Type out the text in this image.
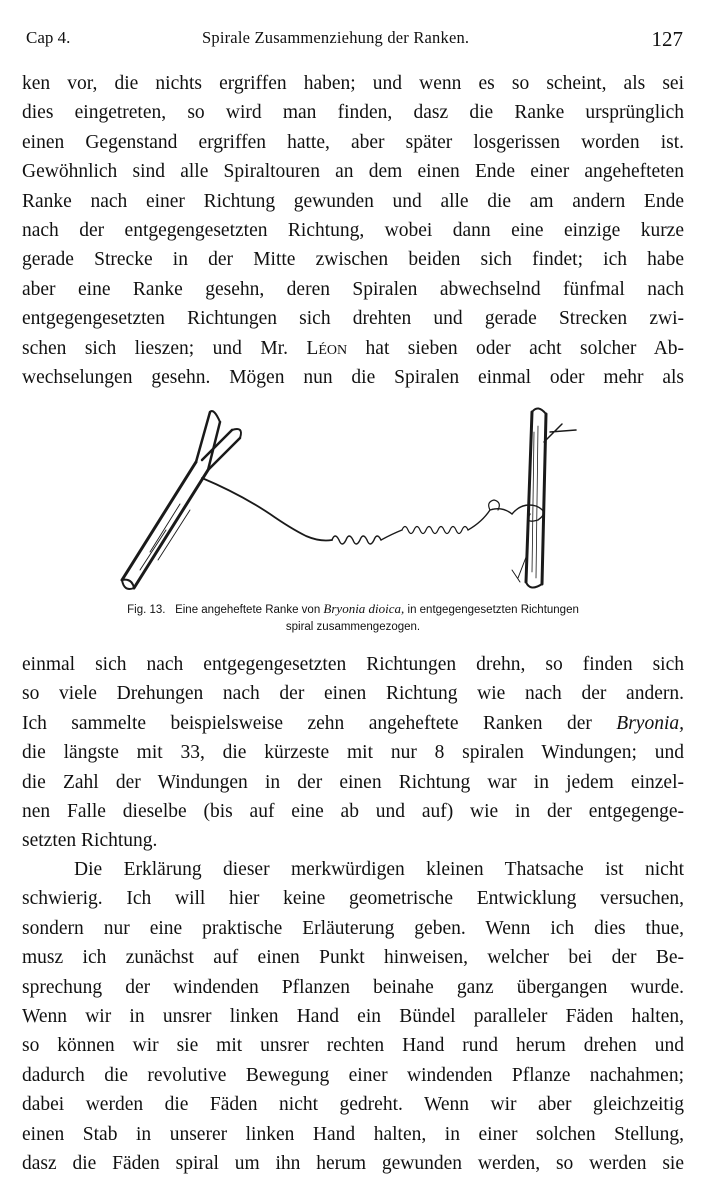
Cap 4.	Spirale Zusammenziehung der Ranken.	127
ken vor, die nichts ergriffen haben; und wenn es so scheint, als sei
dies eingetreten, so wird man finden, dasz die Ranke ursprünglich
einen Gegenstand ergriffen hatte, aber später losgerissen worden ist.
Gewöhnlich sind alle Spiraltouren an dem einen Ende einer angehefteten
Ranke nach einer Richtung gewunden und alle die am andern Ende
nach der entgegengesetzten Richtung, wobei dann eine einzige kurze
gerade Strecke in der Mitte zwischen beiden sich findet; ich habe
aber eine Ranke gesehn, deren Spiralen abwechselnd fünfmal nach
entgegengesetzten Richtungen sich drehten und gerade Strecken zwi-
schen sich lieszen; und Mr. Léon hat sieben oder acht solcher Ab-
wechselungen gesehn. Mögen nun die Spiralen einmal oder mehr als
Fig. 13. Eine angeheftete Ranke von Bryonia dioica, in entgegengesetzten Richtungen
spiral zusammengezogen.
einmal sich nach entgegengesetzten Richtungen drehn, so finden sich
so viele Drehungen nach der einen Richtung wie nach der andern.
Ich sammelte beispielsweise zehn angeheftete Ranken der Bryonia,
die längste mit 33, die kürzeste mit nur 8 spiralen Windungen; und
die Zahl der Windungen in der einen Richtung war in jedem einzel-
nen Falle dieselbe (bis auf eine ab und auf) wie in der entgegenge-
setzten Richtung.
Die Erklärung dieser merkwürdigen kleinen Thatsache ist nicht
schwierig. Ich will hier keine geometrische Entwicklung versuchen,
sondern nur eine praktische Erläuterung geben. Wenn ich dies thue,
musz ich zunächst auf einen Punkt hinweisen, welcher bei der Be-
sprechung der windenden Pflanzen beinahe ganz übergangen wurde.
Wenn wir in unsrer linken Hand ein Bündel paralleler Fäden halten,
so können wir sie mit unsrer rechten Hand rund herum drehen und
dadurch die revolutive Bewegung einer windenden Pflanze nachahmen;
dabei werden die Fäden nicht gedreht. Wenn wir aber gleichzeitig
einen Stab in unserer linken Hand halten, in einer solchen Stellung,
dasz die Fäden spiral um ihn herum gewunden werden, so werden sie
